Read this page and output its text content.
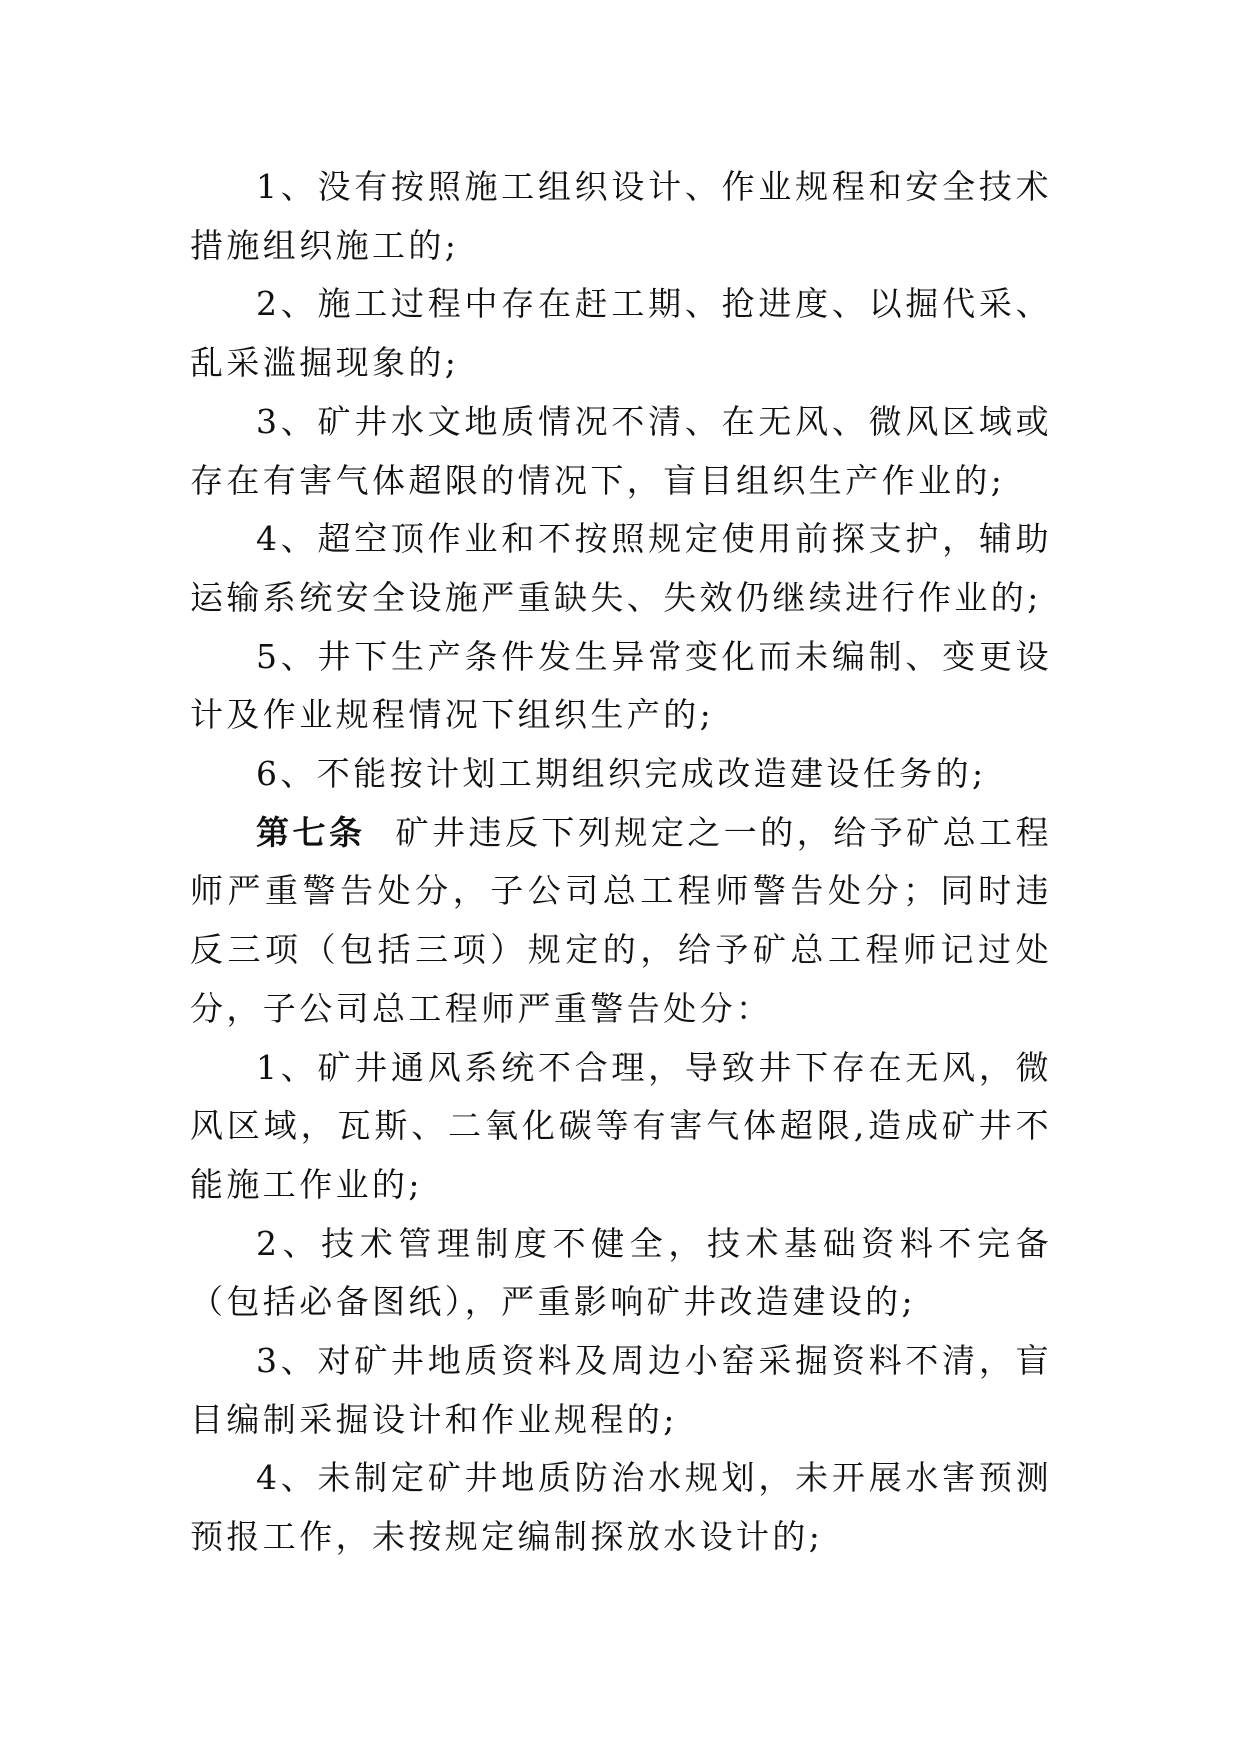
1、没有按照施工组织设计、作业规程和安全技术措施组织施工的;

2、施工过程中存在赶工期、抢进度、以掘代采、乱采滥掘现象的;

3、矿井水文地质情况不清、在无风、微风区域或存在有害气体超限的情况下，盲目组织生产作业的;

4、超空顶作业和不按照规定使用前探支护，辅助运输系统安全设施严重缺失、失效仍继续进行作业的;

5、井下生产条件发生异常变化而未编制、变更设计及作业规程情况下组织生产的;

6、不能按计划工期组织完成改造建设任务的;

第七条 矿井违反下列规定之一的，给予矿总工程师严重警告处分，子公司总工程师警告处分；同时违反三项（包括三项）规定的，给予矿总工程师记过处分，子公司总工程师严重警告处分：

1、矿井通风系统不合理，导致井下存在无风，微风区域，瓦斯、二氧化碳等有害气体超限,造成矿井不能施工作业的;

2、技术管理制度不健全，技术基础资料不完备（包括必备图纸），严重影响矿井改造建设的;

3、对矿井地质资料及周边小窑采掘资料不清，盲目编制采掘设计和作业规程的;

4、未制定矿井地质防治水规划，未开展水害预测预报工作，未按规定编制探放水设计的;
